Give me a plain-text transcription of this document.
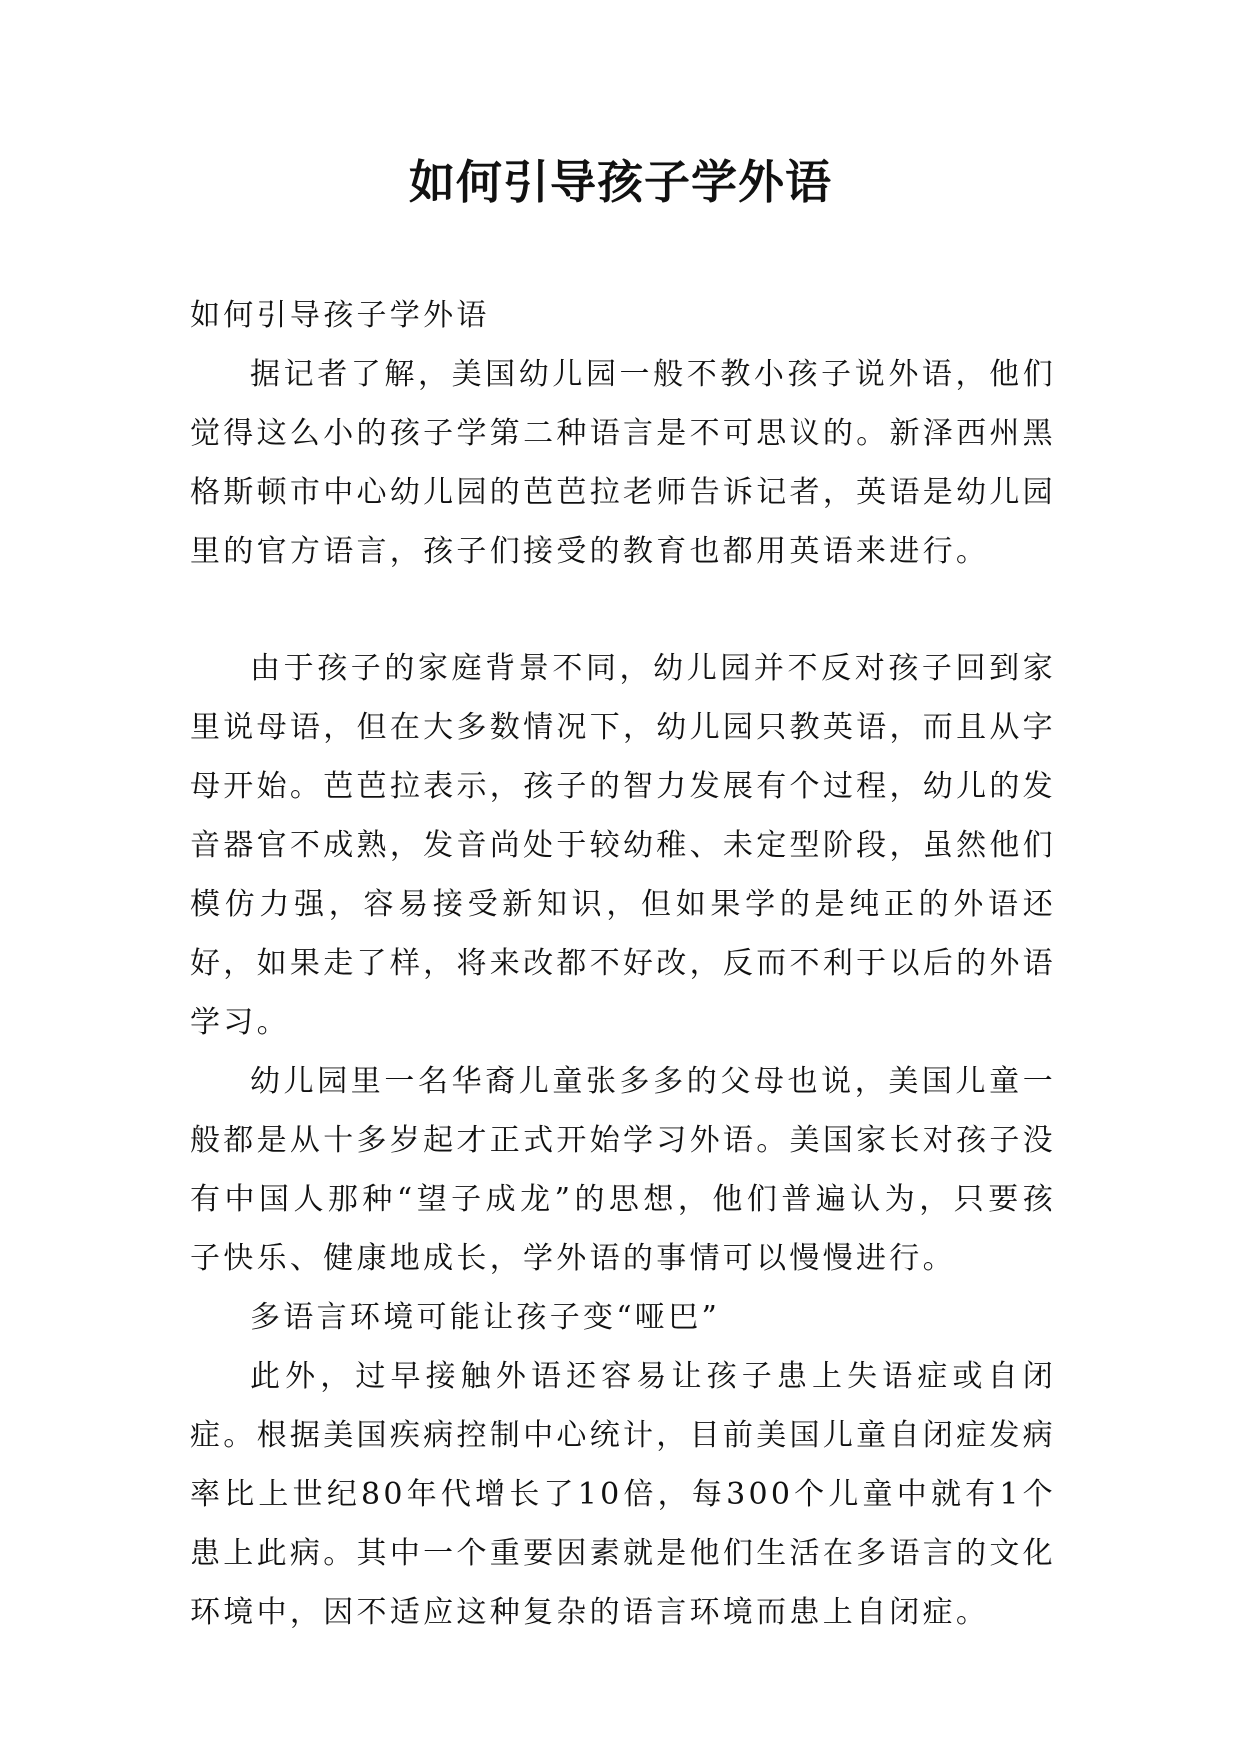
如何引导孩子学外语

如何引导孩子学外语

据记者了解，美国幼儿园一般不教小孩子说外语，他们觉得这么小的孩子学第二种语言是不可思议的。新泽西州黑格斯顿市中心幼儿园的芭芭拉老师告诉记者，英语是幼儿园里的官方语言，孩子们接受的教育也都用英语来进行。

由于孩子的家庭背景不同，幼儿园并不反对孩子回到家里说母语，但在大多数情况下，幼儿园只教英语，而且从字母开始。芭芭拉表示，孩子的智力发展有个过程，幼儿的发音器官不成熟，发音尚处于较幼稚、未定型阶段，虽然他们模仿力强，容易接受新知识，但如果学的是纯正的外语还好，如果走了样，将来改都不好改，反而不利于以后的外语学习。

幼儿园里一名华裔儿童张多多的父母也说，美国儿童一般都是从十多岁起才正式开始学习外语。美国家长对孩子没有中国人那种“望子成龙”的思想，他们普遍认为，只要孩子快乐、健康地成长，学外语的事情可以慢慢进行。

多语言环境可能让孩子变“哑巴”

此外，过早接触外语还容易让孩子患上失语症或自闭症。根据美国疾病控制中心统计，目前美国儿童自闭症发病率比上世纪80年代增长了10倍，每300个儿童中就有1个患上此病。其中一个重要因素就是他们生活在多语言的文化环境中，因不适应这种复杂的语言环境而患上自闭症。
